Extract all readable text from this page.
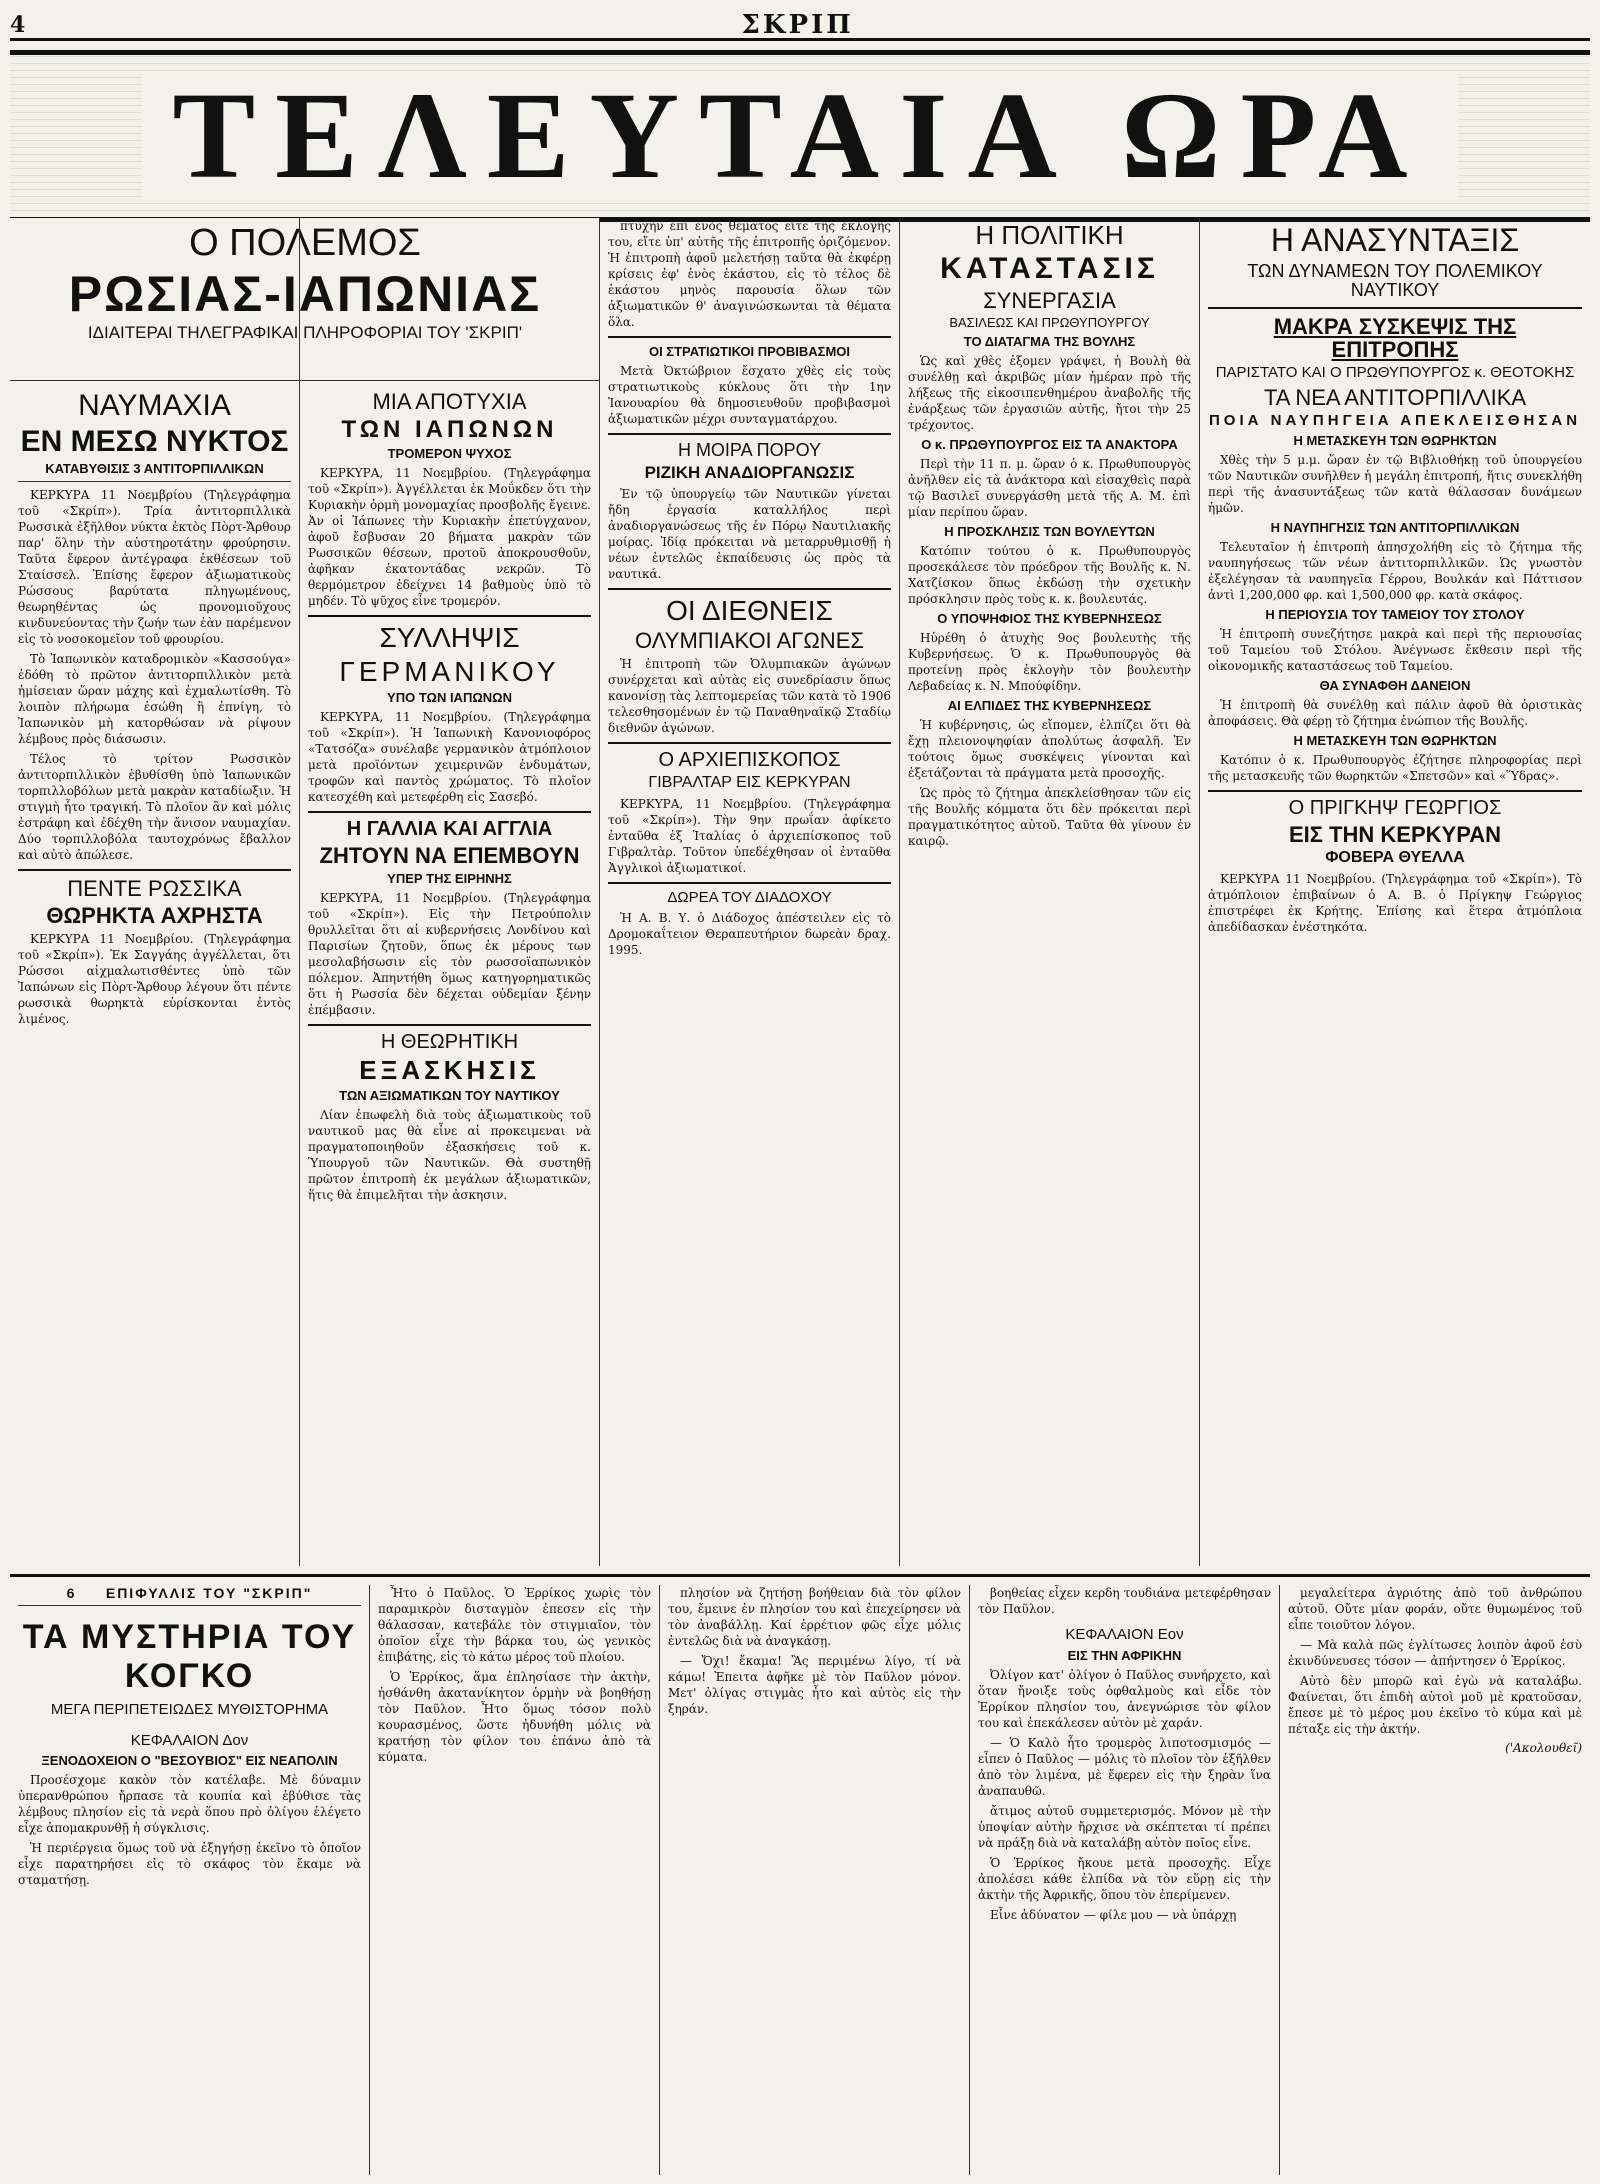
4	ΣΚΡΙΠ
ΤΕΛΕΥΤΑΙΑ ΩΡΑ
Ο ΠΟΛΕΜΟΣ
ΡΩΣΙΑΣ-ΙΑΠΩΝΙΑΣ
ΙΔΙΑΙΤΕΡΑΙ ΤΗΛΕΓΡΑΦΙΚΑΙ ΠΛΗΡΟΦΟΡΙΑΙ ΤΟΥ 'ΣΚΡΙΠ'
ΝΑΥΜΑΧΙΑ
ΕΝ ΜΕΣΩ ΝΥΚΤΟΣ
ΚΑΤΑΒΥΘΙΣΙΣ 3 ΑΝΤΙΤΟΡΠΙΛΛΙΚΩΝ

ΚΕΡΚΥΡΑ 11 Νοεμβρίου (Τηλεγράφημα τοῦ «Σκρίπ»). Τρία ἀντιτορπιλλικὰ Ρωσσικὰ ἐξῆλθον νύκτα ἐκτὸς Πὸρτ-Ἄρθουρ παρ' ὅλην τὴν αὐστηροτάτην φρούρησιν. Ταῦτα ἔφερον ἀντέγραφα ἐκθέσεων τοῦ Σταίσσελ. Ἐπίσης ἔφερον ἀξιωματικοὺς Ρώσσους βαρύτατα πληγωμένους, θεωρηθέντας ὡς προνομιοῦχους κινδυνεύοντας τὴν ζωήν των ἐὰν παρέμενον εἰς τὸ νοσοκομεῖον τοῦ φρουρίου.

Τὸ Ἰαπωνικὸν καταδρομικὸν «Κασσούγα» ἐδόθη τὸ πρῶτον ἀντιτορπιλλικὸν μετὰ ἡμίσειαν ὥραν μάχης καὶ ἐχμαλωτίσθη. Τὸ λοιπὸν πλήρωμα ἐσώθη ἢ ἐπνίγη, τὸ Ἰαπωνικὸν μὴ κατορθώσαν νὰ ρίψουν λέμβους πρὸς διάσωσιν.

Τέλος τὸ τρίτον Ρωσσικὸν ἀντιτορπιλλικὸν ἐβυθίσθη ὑπὸ Ἰαπωνικῶν τορπιλλοβόλων μετὰ μακρὰν καταδίωξιν. Ἡ στιγμὴ ἦτο τραγική. Τὸ πλοῖον ἂν καὶ μόλις ἐστράφη καὶ ἐδέχθη τὴν ἄνισον ναυμαχίαν. Δύο τορπιλλοβόλα ταυτοχρόνως ἔβαλλον καὶ αὐτὸ ἀπώλεσε.

ΠΕΝΤΕ ΡΩΣΣΙΚΑ
ΘΩΡΗΚΤΑ ΑΧΡΗΣΤΑ

ΚΕΡΚΥΡΑ 11 Νοεμβρίου. (Τηλεγράφημα τοῦ «Σκρίπ»). Ἐκ Σαγγάης ἀγγέλλεται, ὅτι Ρώσσοι αἰχμαλωτισθέντες ὑπὸ τῶν Ἰαπώνων εἰς Πὸρτ-Ἄρθουρ λέγουν ὅτι πέντε ρωσσικὰ θωρηκτὰ εὑρίσκονται ἐντὸς λιμένος.

ΜΙΑ ΑΠΟΤΥΧΙΑ
ΤΩΝ ΙΑΠΩΝΩΝ
ΤΡΟΜΕΡΟΝ ΨΥΧΟΣ

ΚΕΡΚΥΡΑ, 11 Νοεμβρίου. (Τηλεγράφημα τοῦ «Σκρίπ»). Ἀγγέλλεται ἐκ Μοΰκδεν ὅτι τὴν Κυριακὴν ὀρμὴ μονομαχίας προσβολῆς ἔγεινε. Ἀν οἱ Ἰάπωνες τὴν Κυριακὴν ἐπετύγχανον, ἀφοῦ ἔσβυσαν 20 βήματα μακρὰν τῶν Ρωσσικῶν θέσεων, προτοῦ ἀποκρουσθοῦν, ἀφῆκαν ἑκατοντάδας νεκρῶν. Τὸ θερμόμετρον ἐδείχνει 14 βαθμοὺς ὑπὸ τὸ μηδέν. Τὸ ψῦχος εἶνε τρομερόν.

ΣΥΛΛΗΨΙΣ
ΓΕΡΜΑΝΙΚΟΥ
ΥΠΟ ΤΩΝ ΙΑΠΩΝΩΝ

ΚΕΡΚΥΡΑ, 11 Νοεμβρίου. (Τηλεγράφημα τοῦ «Σκρίπ»). Ἡ Ἰαπωνικὴ Κανονιοφόρος «Τατσόζα» συνέλαβε γερμανικὸν ἀτμόπλοιον μετὰ προϊόντων χειμερινῶν ἐνδυμάτων, τροφῶν καὶ παντὸς χρώματος. Τὸ πλοῖον κατεσχέθη καὶ μετεφέρθη εἰς Σασεβό.

Η ΓΑΛΛΙΑ ΚΑΙ ΑΓΓΛΙΑ
ΖΗΤΟΥΝ ΝΑ ΕΠΕΜΒΟΥΝ
ΥΠΕΡ ΤΗΣ ΕΙΡΗΝΗΣ

ΚΕΡΚΥΡΑ, 11 Νοεμβρίου. (Τηλεγράφημα τοῦ «Σκρίπ»). Εἰς τὴν Πετρούπολιν θρυλλεῖται ὅτι αἱ κυβερνήσεις Λονδίνου καὶ Παρισίων ζητοῦν, ὅπως ἐκ μέρους των μεσολαβήσωσιν εἰς τὸν ρωσσοϊαπωνικὸν πόλεμον. Ἀπηντήθη ὅμως κατηγορηματικῶς ὅτι ἡ Ρωσσία δὲν δέχεται οὐδεμίαν ξένην ἐπέμβασιν.

Η ΘΕΩΡΗΤΙΚΗ
ΕΞΑΣΚΗΣΙΣ
ΤΩΝ ΑΞΙΩΜΑΤΙΚΩΝ ΤΟΥ ΝΑΥΤΙΚΟΥ

Λίαν ἐπωφελὴ διὰ τοὺς ἀξιωματικοὺς τοῦ ναυτικοῦ μας θὰ εἶνε αἱ προκειμεναι νὰ πραγματοποιηθοῦν ἐξασκήσεις τοῦ κ. Ὑπουργοῦ τῶν Ναυτικῶν. Θὰ συστηθῇ πρῶτον ἐπιτροπὴ ἐκ μεγάλων ἀξιωματικῶν, ἥτις θὰ ἐπιμελῆται τὴν ἀσκησιν.

πτυχὴν ἐπὶ ἑνὸς θέματος εἴτε τῆς ἐκλογῆς του, εἴτε ὑπ' αὐτῆς τῆς ἐπιτροπῆς ὁριζόμενον. Ἡ ἐπιτροπὴ ἀφοῦ μελετήσῃ ταῦτα θὰ ἐκφέρῃ κρίσεις ἐφ' ἑνὸς ἑκάστου, εἰς τὸ τέλος δὲ ἑκάστου μηνὸς παρουσία ὅλων τῶν ἀξιωματικῶν θ' ἀναγινώσκωνται τὰ θέματα ὅλα.

ΟΙ ΣΤΡΑΤΙΩΤΙΚΟΙ ΠΡΟΒΙΒΑΣΜΟΙ

Μετὰ Ὀκτώβριον ἔσχατο χθὲς εἰς τοὺς στρατιωτικοὺς κύκλους ὅτι τὴν 1ην Ἰανουαρίου θὰ δημοσιευθοῦν προβιβασμοὶ ἀξιωματικῶν μέχρι συνταγματάρχου.

Η ΜΟΙΡΑ ΠΟΡΟΥ
ΡΙΖΙΚΗ ΑΝΑΔΙΟΡΓΑΝΩΣΙΣ

Ἐν τῷ ὑπουργείῳ τῶν Ναυτικῶν γίνεται ἤδη ἐργασία καταλλήλος περὶ ἀναδιοργανώσεως τῆς ἐν Πόρῳ Ναυτιλιακῆς μοίρας. Ἰδίᾳ πρόκειται νὰ μεταρρυθμισθῇ ἡ νέων ἐντελῶς ἐκπαίδευσις ὡς πρὸς τὰ ναυτικά.

ΟΙ ΔΙΕΘΝΕΙΣ
ΟΛΥΜΠΙΑΚΟΙ ΑΓΩΝΕΣ

Ἡ ἐπιτροπὴ τῶν Ὀλυμπιακῶν ἀγώνων συνέρχεται καὶ αὐτὰς εἰς συνεδρίασιν ὅπως κανονίσῃ τὰς λεπτομερείας τῶν κατὰ τὸ 1906 τελεσθησομένων ἐν τῷ Παναθηναϊκῷ Σταδίῳ διεθνῶν ἀγώνων.

Ο ΑΡΧΙΕΠΙΣΚΟΠΟΣ
ΓΙΒΡΑΛΤΑΡ ΕΙΣ ΚΕΡΚΥΡΑΝ

ΚΕΡΚΥΡΑ, 11 Νοεμβρίου. (Τηλεγράφημα τοῦ «Σκρίπ»). Τὴν 9ην πρωΐαν ἀφίκετο ἐνταῦθα ἐξ Ἰταλίας ὁ ἀρχιεπίσκοπος τοῦ Γιβραλτὰρ. Τοῦτον ὑπεδέχθησαν οἱ ἐνταῦθα Ἀγγλικοὶ ἀξιωματικοί.

ΔΩΡΕΑ ΤΟΥ ΔΙΑΔΟΧΟΥ

Ἡ Α. Β. Υ. ὁ Διάδοχος ἀπέστειλεν εἰς τὸ Δρομοκαΐτειον Θεραπευτήριον δωρεὰν δραχ. 1995.

Η ΠΟΛΙΤΙΚΗ
ΚΑΤΑΣΤΑΣΙΣ
ΣΥΝΕΡΓΑΣΙΑ
ΒΑΣΙΛΕΩΣ ΚΑΙ ΠΡΩΘΥΠΟΥΡΓΟΥ
ΤΟ ΔΙΑΤΑΓΜΑ ΤΗΣ ΒΟΥΛΗΣ

Ὡς καὶ χθὲς ἐξομεν γράψει, ἡ Βουλὴ θὰ συνέλθῃ καὶ ἀκριβῶς μίαν ἡμέραν πρὸ τῆς λήξεως τῆς εἰκοσιπενθημέρου ἀναβολῆς τῆς ἐνάρξεως τῶν ἐργασιῶν αὐτῆς, ἤτοι τὴν 25 τρέχοντος.

Ο κ. ΠΡΩΘΥΠΟΥΡΓΟΣ ΕΙΣ ΤΑ ΑΝΑΚΤΟΡΑ

Περὶ τὴν 11 π. μ. ὥραν ὁ κ. Πρωθυπουργὸς ἀνῆλθεν εἰς τὰ ἀνάκτορα καὶ εἰσαχθεὶς παρὰ τῷ Βασιλεῖ συνεργάσθη μετὰ τῆς Α. Μ. ἐπὶ μίαν περίπου ὥραν.

Η ΠΡΟΣΚΛΗΣΙΣ ΤΩΝ ΒΟΥΛΕΥΤΩΝ

Κατόπιν τούτου ὁ κ. Πρωθυπουργὸς προσεκάλεσε τὸν πρόεδρον τῆς Βουλῆς κ. Ν. Χατζίσκον ὅπως ἐκδώσῃ τὴν σχετικὴν πρόσκλησιν πρὸς τοὺς κ. κ. βουλευτάς.

Ο ΥΠΟΨΗΦΙΟΣ ΤΗΣ ΚΥΒΕΡΝΗΣΕΩΣ

Ηὑρέθη ὁ ἀτυχὴς 9ος βουλευτὴς τῆς Κυβερνήσεως. Ὁ κ. Πρωθυπουργὸς θὰ προτείνῃ πρὸς ἐκλογὴν τὸν βουλευτὴν Λεβαδείας κ. Ν. Μπούφίδην.

ΑΙ ΕΛΠΙΔΕΣ ΤΗΣ ΚΥΒΕΡΝΗΣΕΩΣ

Ἡ κυβέρνησις, ὡς εἴπομεν, ἐλπίζει ὅτι θὰ ἔχῃ πλειονοψηφίαν ἀπολύτως ἀσφαλῆ. Ἐν τούτοις ὅμως συσκέψεις γίνονται καὶ ἐξετάζονται τὰ πράγματα μετὰ προσοχῆς.

Ὡς πρὸς τὸ ζήτημα ἀπεκλείσθησαν τῶν εἰς τῆς Βουλῆς κόμματα ὅτι δὲν πρόκειται περὶ πραγματικότητος αὐτοῦ. Ταῦτα θὰ γίνουν ἐν καιρῷ.

Η ΑΝΑΣΥΝΤΑΞΙΣ
ΤΩΝ ΔΥΝΑΜΕΩΝ ΤΟΥ ΠΟΛΕΜΙΚΟΥ ΝΑΥΤΙΚΟΥ
ΜΑΚΡΑ ΣΥΣΚΕΨΙΣ ΤΗΣ ΕΠΙΤΡΟΠΗΣ
ΠΑΡΙΣΤΑΤΟ ΚΑΙ Ο ΠΡΩΘΥΠΟΥΡΓΟΣ κ. ΘΕΟΤΟΚΗΣ
ΤΑ ΝΕΑ ΑΝΤΙΤΟΡΠΙΛΛΙΚΑ
ΠΟΙΑ ΝΑΥΠΗΓΕΙΑ ΑΠΕΚΛΕΙΣΘΗΣΑΝ
Η ΜΕΤΑΣΚΕΥΗ ΤΩΝ ΘΩΡΗΚΤΩΝ

Χθὲς τὴν 5 μ.μ. ὥραν ἐν τῷ Βιβλιοθήκῃ τοῦ ὑπουργείου τῶν Ναυτικῶν συνῆλθεν ἡ μεγάλη ἐπιτροπή, ἥτις συνεκλήθη περὶ τῆς ἀνασυντάξεως τῶν κατὰ θάλασσαν δυνάμεων ἡμῶν.

Η ΝΑΥΠΗΓΗΣΙΣ ΤΩΝ ΑΝΤΙΤΟΡΠΙΛΛΙΚΩΝ

Τελευταῖον ἡ ἐπιτροπὴ ἀπησχολήθη εἰς τὸ ζήτημα τῆς ναυπηγήσεως τῶν νέων ἀντιτορπιλλικῶν. Ὡς γνωστὸν ἐξελέγησαν τὰ ναυπηγεῖα Γέρρου, Βουλκάν καὶ Πάττισον ἀντὶ 1,200,000 φρ. καὶ 1,500,000 φρ. κατὰ σκάφος.

Η ΠΕΡΙΟΥΣΙΑ ΤΟΥ ΤΑΜΕΙΟΥ ΤΟΥ ΣΤΟΛΟΥ

Ἡ ἐπιτροπὴ συνεζήτησε μακρὰ καὶ περὶ τῆς περιουσίας τοῦ Ταμείου τοῦ Στόλου. Ἀνέγνωσε ἔκθεσιν περὶ τῆς οἰκονομικῆς καταστάσεως τοῦ Ταμείου.

ΘΑ ΣΥΝΑΦΘΗ ΔΑΝΕΙΟΝ

Ἡ ἐπιτροπὴ θὰ συνέλθῃ καὶ πάλιν ἀφοῦ θὰ ὁριστικὰς ἀποφάσεις. Θὰ φέρῃ τὸ ζήτημα ἐνώπιον τῆς Βουλῆς.

Η ΜΕΤΑΣΚΕΥΗ ΤΩΝ ΘΩΡΗΚΤΩΝ

Κατόπιν ὁ κ. Πρωθυπουργὸς ἐζήτησε πληροφορίας περὶ τῆς μετασκευῆς τῶν θωρηκτῶν «Σπετσῶν» καὶ «Ὕδρας».

Ο ΠΡΙΓΚΗΨ ΓΕΩΡΓΙΟΣ
ΕΙΣ ΤΗΝ ΚΕΡΚΥΡΑΝ
ΦΟΒΕΡΑ ΘΥΕΛΛΑ

ΚΕΡΚΥΡΑ 11 Νοεμβρίου. (Τηλεγράφημα τοῦ «Σκρίπ»). Τὸ ἀτμόπλοιον ἐπιβαίνων ὁ Α. Β. ὁ Πρίγκηψ Γεώργιος ἐπιστρέφει ἐκ Κρήτης. Ἐπίσης καὶ ἕτερα ἀτμόπλοια ἀπεδίδασκαν ἐνέστηκότα.

6 ΕΠΙΦΥΛΛΙΣ ΤΟΥ "ΣΚΡΙΠ"
ΤΑ ΜΥΣΤΗΡΙΑ ΤΟΥ ΚΟΓΚΟ
ΜΕΓΑ ΠΕΡΙΠΕΤΕΙΩΔΕΣ ΜΥΘΙΣΤΟΡΗΜΑ
ΚΕΦΑΛΑΙΟΝ Δον
ΞΕΝΟΔΟΧΕΙΟΝ Ο "ΒΕΣΟΥΒΙΟΣ" ΕΙΣ ΝΕΑΠΟΛΙΝ

Προσέσχομε κακὸν τὸν κατέλαβε. Μὲ δύναμιν ὑπερανθρώπου ἤρπασε τὰ κουπία καὶ ἐβύθισε τὰς λέμβους πλησίον εἰς τὰ νερὰ ὅπου πρὸ ὀλίγου ἐλέγετο εἶχε ἀπομακρυνθῇ ἡ σύγκλισις.

Ἡ περιέργεια ὅμως τοῦ νὰ ἐξηγήσῃ ἐκεῖνο τὸ ὁποῖον εἶχε παρατηρήσει εἰς τὸ σκάφος τὸν ἔκαμε νὰ σταματήσῃ.

Ἦτο ὁ Παῦλος. Ὁ Ἐρρίκος χωρὶς τὸν παραμικρὸν δισταγμὸν ἐπεσεν εἰς τὴν θάλασσαν, κατεβάλε τὸν στιγμιαῖον, τὸν ὁποῖον εἶχε τὴν βάρκα του, ὡς γενικὸς ἐπιβάτης, εἰς τὸ κάτω μέρος τοῦ πλοίου.

Ὁ Ἐρρίκος, ἅμα ἐπλησίασε τὴν ἀκτὴν, ἠσθάνθη ἀκατανίκητον ὁρμὴν νὰ βοηθήσῃ τὸν Παῦλον. Ἦτο ὅμως τόσον πολὺ κουρασμένος, ὥστε ἠδυνήθη μόλις νὰ κρατήσῃ τὸν φίλον του ἐπάνω ἀπὸ τὰ κύματα.

πλησίον νὰ ζητήσῃ βοήθειαν διὰ τὸν φίλον του, ἔμεινε ἐν πλησίον του καὶ ἐπεχείρησεν νὰ τὸν ἀναβάλλῃ. Καί ἐρρέτιον φῶς εἶχε μόλις ἐντελῶς διὰ νὰ ἀναγκάσῃ.

— Ὄχι! ἔκαμα! Ἂς περιμένω λίγο, τί νὰ κάμω! Ἐπειτα ἀφῆκε μὲ τὸν Παῦλον μόνον. Μετ' ὀλίγας στιγμὰς ἦτο καὶ αὐτὸς εἰς τὴν ξηράν.

βοηθείας εἶχεν κερδη τουδιάνα μετεφέρθησαν τὸν Παῦλον.

ΚΕΦΑΛΑΙΟΝ Εον
ΕΙΣ ΤΗΝ ΑΦΡΙΚΗΝ

Ὀλίγον κατ' ὀλίγον ὁ Παῦλος συνήρχετο, καὶ ὅταν ἤνοιξε τοὺς ὀφθαλμοὺς καὶ εἶδε τὸν Ἐρρίκον πλησίον του, ἀνεγνώρισε τὸν φίλον του καὶ ἐπεκάλεσεν αὐτὸν μὲ χαράν.

— Ὁ Καλὸ ἦτο τρομερὸς λιποτοσμισμός — εἶπεν ὁ Παῦλος — μόλις τὸ πλοῖον τὸν ἐξῆλθεν ἀπὸ τὸν λιμένα, μὲ ἔφερεν εἰς τὴν ξηρὰν ἵνα ἀναπαυθῶ.

ἄτιμος αὐτοῦ συμμετερισμός. Μόνον μὲ τὴν ὑποψίαν αὐτὴν ἤρχισε νὰ σκέπτεται τί πρέπει νὰ πράξῃ διὰ νὰ καταλάβῃ αὐτὸν ποῖος εἶνε.

Ὁ Ἐρρίκος ἤκουε μετὰ προσοχῆς. Εἶχε ἀπολέσει κάθε ἐλπίδα νὰ τὸν εὕρῃ εἰς τὴν ἀκτὴν τῆς Ἀφρικῆς, ὅπου τὸν ἐπερίμενεν.

Εἶνε ἀδύνατον — φίλε μου — νὰ ὑπάρχῃ

μεγαλείτερα ἀγριότης ἀπὸ τοῦ ἀνθρώπου αὐτοῦ. Οὔτε μίαν φοράν, οὔτε θυμωμένος τοῦ εἶπε τοιοῦτον λόγον.

— Μὰ καλὰ πῶς ἐγλίτωσες λοιπὸν ἀφοῦ ἐσὺ ἐκινδύνευσες τόσον — ἀπήντησεν ὁ Ἐρρίκος.

Αὐτὸ δὲν μπορῶ καὶ ἐγὼ νὰ καταλάβω. Φαίνεται, ὅτι ἐπιδὴ αὐτοὶ μοῦ μὲ κρατοῦσαν, ἔπεσε μὲ τὸ μέρος μου ἐκεῖνο τὸ κύμα καὶ μὲ πέταξε εἰς τὴν ἀκτήν.

('Ακολουθεῖ)
